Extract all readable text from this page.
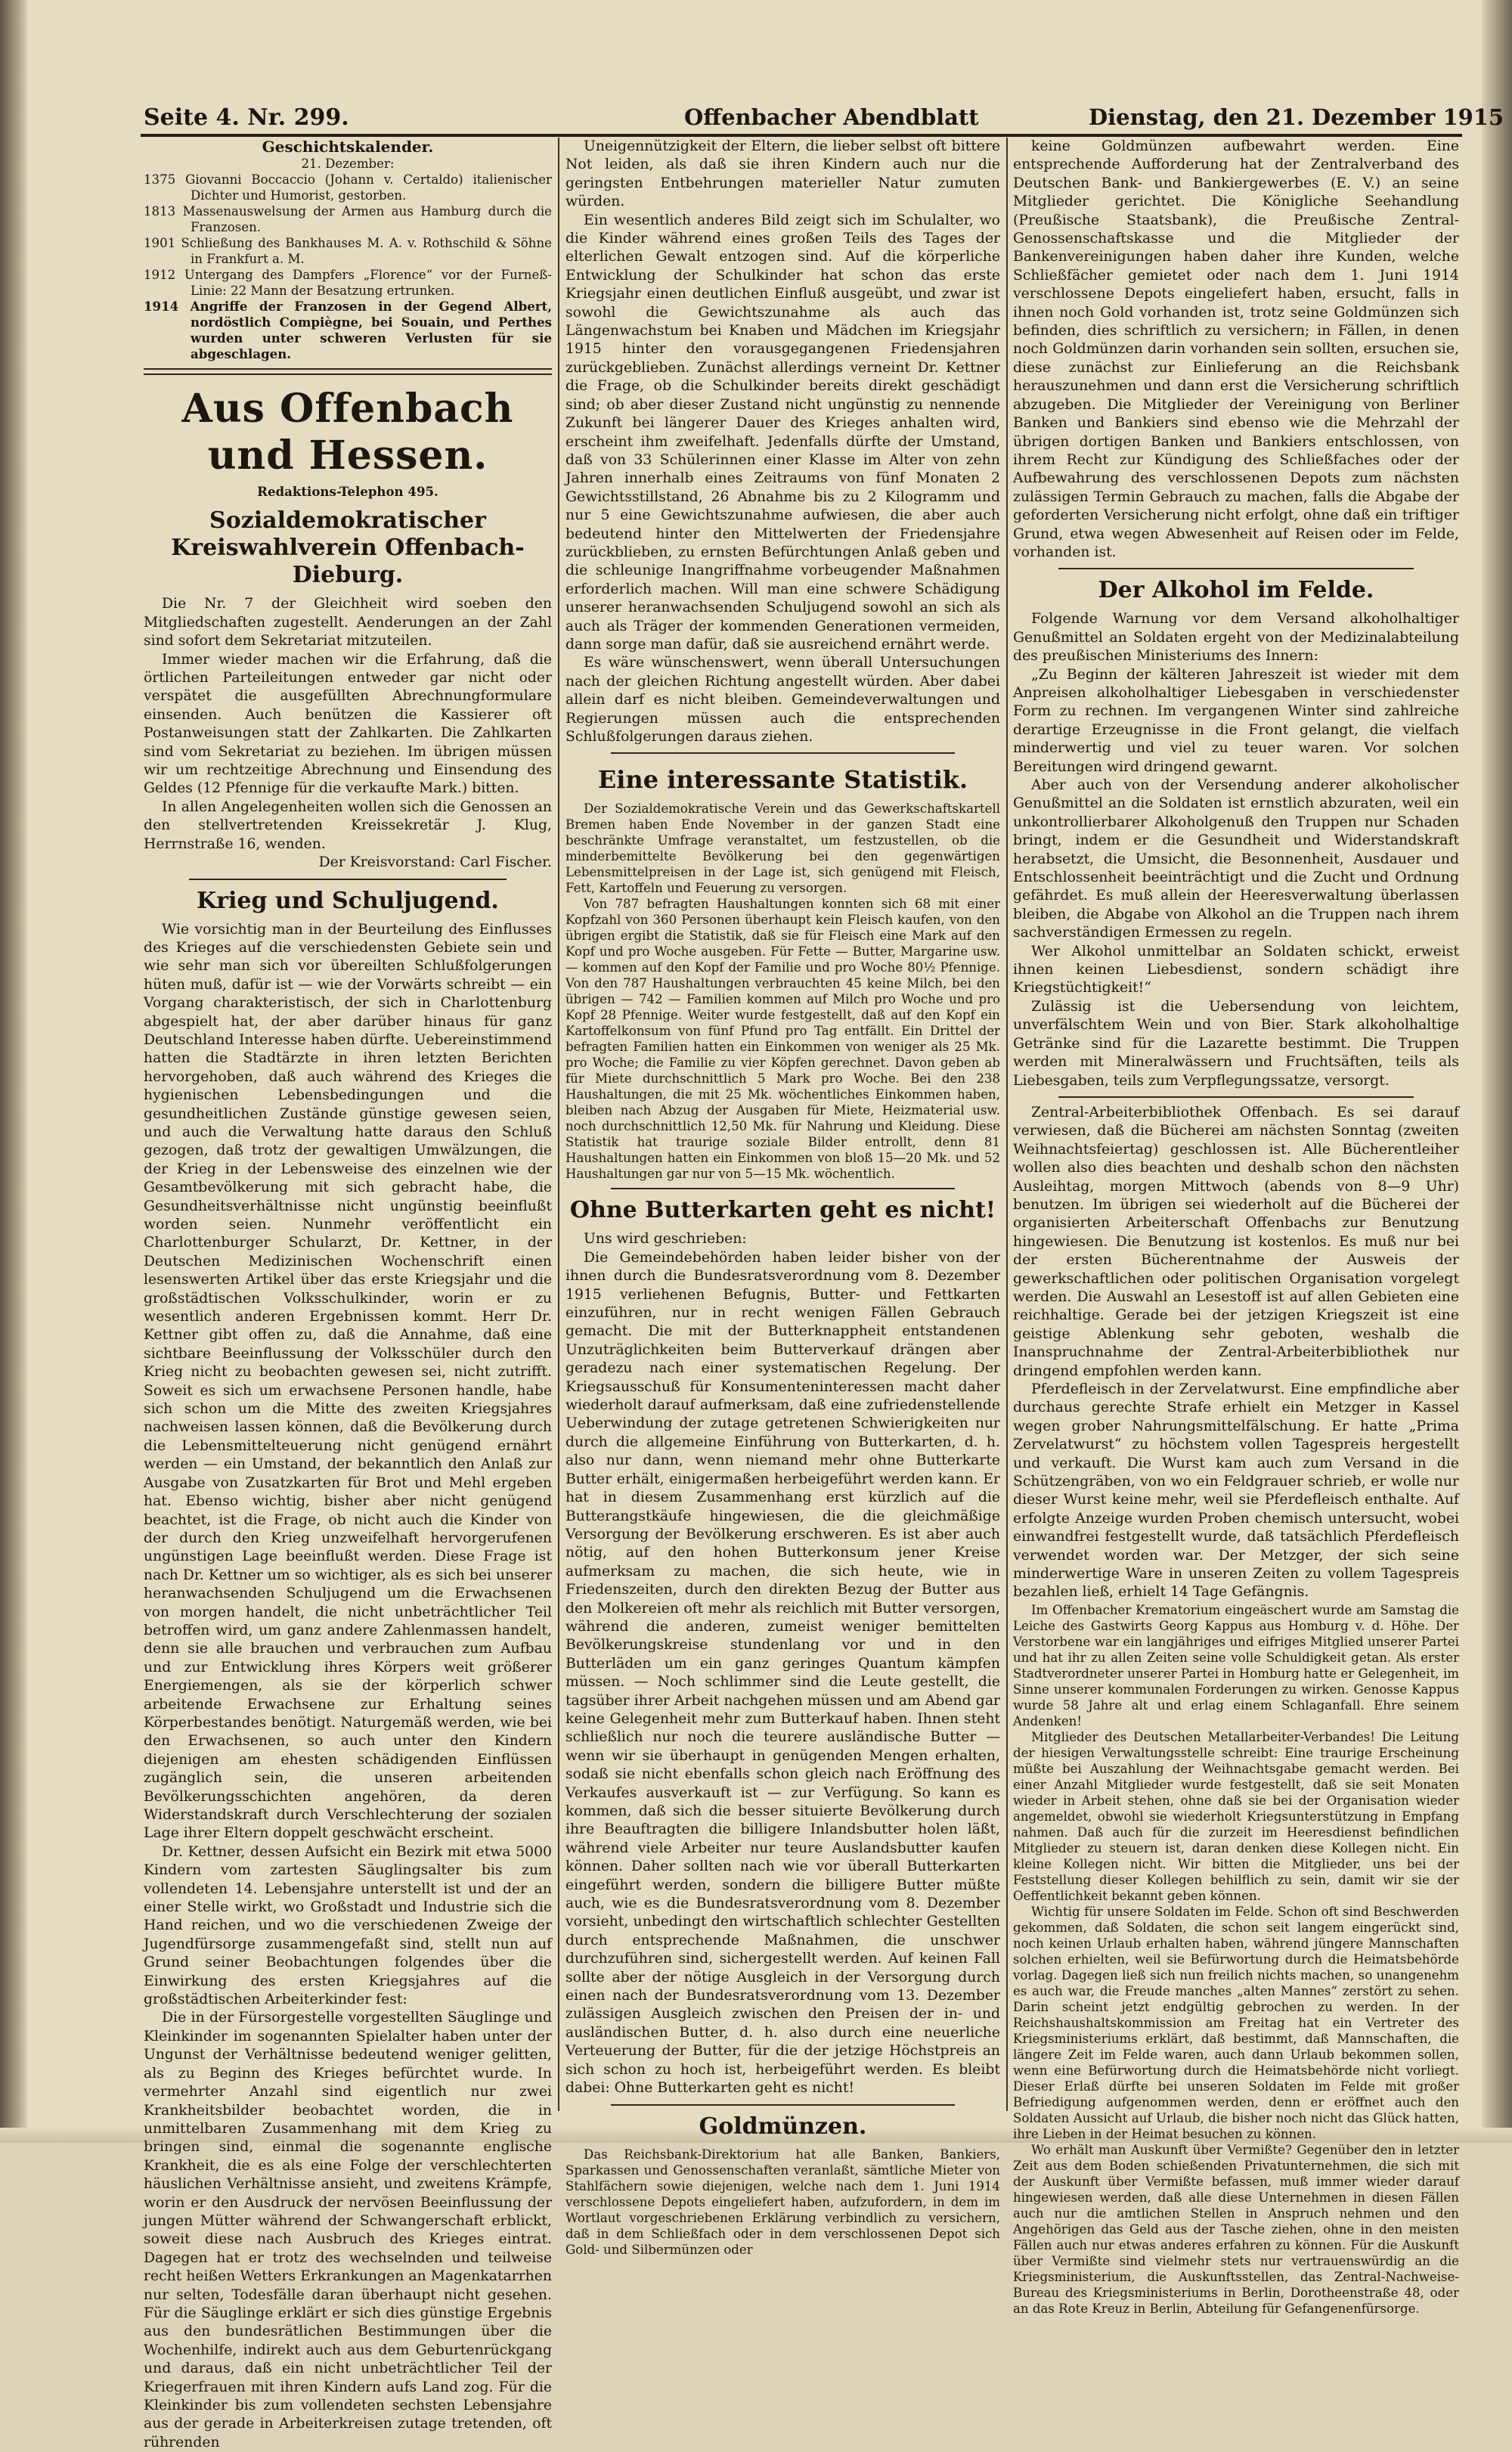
Seite 4. Nr. 299.	Offenbacher Abendblatt	Dienstag, den 21. Dezember 1915

Geschichtskalender.

21. Dezember:

1375 Giovanni Boccaccio (Johann v. Certaldo) italienischer Dichter und Humorist, gestorben.

1813 Massenauswelsung der Armen aus Hamburg durch die Franzosen.

1901 Schließung des Bankhauses M. A. v. Rothschild & Söhne in Frankfurt a. M.

1912 Untergang des Dampfers „Florence“ vor der Furneß-Linie: 22 Mann der Besatzung ertrunken.

1914 Angriffe der Franzosen in der Gegend Albert, nordöstlich Compiègne, bei Souain, und Perthes wurden unter schweren Verlusten für sie abgeschlagen.

Aus Offenbach und Hessen.

Redaktions-Telephon 495.

Sozialdemokratischer Kreiswahlverein Offenbach-Dieburg.

Die Nr. 7 der Gleichheit wird soeben den Mitgliedschaften zugestellt. Aenderungen an der Zahl sind sofort dem Sekretariat mitzuteilen.

Immer wieder machen wir die Erfahrung, daß die örtlichen Parteileitungen entweder gar nicht oder verspätet die ausgefüllten Abrechnungformulare einsenden. Auch benützen die Kassierer oft Postanweisungen statt der Zahlkarten. Die Zahlkarten sind vom Sekretariat zu beziehen. Im übrigen müssen wir um rechtzeitige Abrechnung und Einsendung des Geldes (12 Pfennige für die verkaufte Mark.) bitten.

In allen Angelegenheiten wollen sich die Genossen an den stellvertretenden Kreissekretär J. Klug, Herrnstraße 16, wenden.

Der Kreisvorstand: Carl Fischer.

Krieg und Schuljugend.

Wie vorsichtig man in der Beurteilung des Einflusses des Krieges auf die verschiedensten Gebiete sein und wie sehr man sich vor übereilten Schlußfolgerungen hüten muß, dafür ist — wie der Vorwärts schreibt — ein Vorgang charakteristisch, der sich in Charlottenburg abgespielt hat, der aber darüber hinaus für ganz Deutschland Interesse haben dürfte. Uebereinstimmend hatten die Stadtärzte in ihren letzten Berichten hervorgehoben, daß auch während des Krieges die hygienischen Lebensbedingungen und die gesundheitlichen Zustände günstige gewesen seien, und auch die Verwaltung hatte daraus den Schluß gezogen, daß trotz der gewaltigen Umwälzungen, die der Krieg in der Lebensweise des einzelnen wie der Gesamtbevölkerung mit sich gebracht habe, die Gesundheitsverhältnisse nicht ungünstig beeinflußt worden seien. Nunmehr veröffentlicht ein Charlottenburger Schularzt, Dr. Kettner, in der Deutschen Medizinischen Wochenschrift einen lesenswerten Artikel über das erste Kriegsjahr und die großstädtischen Volksschulkinder, worin er zu wesentlich anderen Ergebnissen kommt. Herr Dr. Kettner gibt offen zu, daß die Annahme, daß eine sichtbare Beeinflussung der Volksschüler durch den Krieg nicht zu beobachten gewesen sei, nicht zutrifft. Soweit es sich um erwachsene Personen handle, habe sich schon um die Mitte des zweiten Kriegsjahres nachweisen lassen können, daß die Bevölkerung durch die Lebensmittelteuerung nicht genügend ernährt werden — ein Umstand, der bekanntlich den Anlaß zur Ausgabe von Zusatzkarten für Brot und Mehl ergeben hat. Ebenso wichtig, bisher aber nicht genügend beachtet, ist die Frage, ob nicht auch die Kinder von der durch den Krieg unzweifelhaft hervorgerufenen ungünstigen Lage beeinflußt werden. Diese Frage ist nach Dr. Kettner um so wichtiger, als es sich bei unserer heranwachsenden Schuljugend um die Erwachsenen von morgen handelt, die nicht unbeträchtlicher Teil betroffen wird, um ganz andere Zahlenmassen handelt, denn sie alle brauchen und verbrauchen zum Aufbau und zur Entwicklung ihres Körpers weit größerer Energiemengen, als sie der körperlich schwer arbeitende Erwachsene zur Erhaltung seines Körperbestandes benötigt. Naturgemäß werden, wie bei den Erwachsenen, so auch unter den Kindern diejenigen am ehesten schädigenden Einflüssen zugänglich sein, die unseren arbeitenden Bevölkerungsschichten angehören, da deren Widerstandskraft durch Verschlechterung der sozialen Lage ihrer Eltern doppelt geschwächt erscheint.

Dr. Kettner, dessen Aufsicht ein Bezirk mit etwa 5000 Kindern vom zartesten Säuglingsalter bis zum vollendeten 14. Lebensjahre unterstellt ist und der an einer Stelle wirkt, wo Großstadt und Industrie sich die Hand reichen, und wo die verschiedenen Zweige der Jugendfürsorge zusammengefaßt sind, stellt nun auf Grund seiner Beobachtungen folgendes über die Einwirkung des ersten Kriegsjahres auf die großstädtischen Arbeiterkinder fest:

Die in der Fürsorgestelle vorgestellten Säuglinge und Kleinkinder im sogenannten Spielalter haben unter der Ungunst der Verhältnisse bedeutend weniger gelitten, als zu Beginn des Krieges befürchtet wurde. In vermehrter Anzahl sind eigentlich nur zwei Krankheitsbilder beobachtet worden, die in unmittelbaren Zusammenhang mit dem Krieg zu bringen sind, einmal die sogenannte englische Krankheit, die es als eine Folge der verschlechterten häuslichen Verhältnisse ansieht, und zweitens Krämpfe, worin er den Ausdruck der nervösen Beeinflussung der jungen Mütter während der Schwangerschaft erblickt, soweit diese nach Ausbruch des Krieges eintrat. Dagegen hat er trotz des wechselnden und teilweise recht heißen Wetters Erkrankungen an Magenkatarrhen nur selten, Todesfälle daran überhaupt nicht gesehen. Für die Säuglinge erklärt er sich dies günstige Ergebnis aus den bundesrätlichen Bestimmungen über die Wochenhilfe, indirekt auch aus dem Geburtenrückgang und daraus, daß ein nicht unbeträchtlicher Teil der Kriegerfrauen mit ihren Kindern aufs Land zog. Für die Kleinkinder bis zum vollendeten sechsten Lebensjahre aus der gerade in Arbeiterkreisen zutage tretenden, oft rührenden

Uneigennützigkeit der Eltern, die lieber selbst oft bittere Not leiden, als daß sie ihren Kindern auch nur die geringsten Entbehrungen materieller Natur zumuten würden.

Ein wesentlich anderes Bild zeigt sich im Schulalter, wo die Kinder während eines großen Teils des Tages der elterlichen Gewalt entzogen sind. Auf die körperliche Entwicklung der Schulkinder hat schon das erste Kriegsjahr einen deutlichen Einfluß ausgeübt, und zwar ist sowohl die Gewichtszunahme als auch das Längenwachstum bei Knaben und Mädchen im Kriegsjahr 1915 hinter den vorausgegangenen Friedensjahren zurückgeblieben. Zunächst allerdings verneint Dr. Kettner die Frage, ob die Schulkinder bereits direkt geschädigt sind; ob aber dieser Zustand nicht ungünstig zu nennende Zukunft bei längerer Dauer des Krieges anhalten wird, erscheint ihm zweifelhaft. Jedenfalls dürfte der Umstand, daß von 33 Schülerinnen einer Klasse im Alter von zehn Jahren innerhalb eines Zeitraums von fünf Monaten 2 Gewichtsstillstand, 26 Abnahme bis zu 2 Kilogramm und nur 5 eine Gewichtszunahme aufwiesen, die aber auch bedeutend hinter den Mittelwerten der Friedensjahre zurückblieben, zu ernsten Befürchtungen Anlaß geben und die schleunige Inangriffnahme vorbeugender Maßnahmen erforderlich machen. Will man eine schwere Schädigung unserer heranwachsenden Schuljugend sowohl an sich als auch als Träger der kommenden Generationen vermeiden, dann sorge man dafür, daß sie ausreichend ernährt werde.

Es wäre wünschenswert, wenn überall Untersuchungen nach der gleichen Richtung angestellt würden. Aber dabei allein darf es nicht bleiben. Gemeindeverwaltungen und Regierungen müssen auch die entsprechenden Schlußfolgerungen daraus ziehen.

Eine interessante Statistik.

Der Sozialdemokratische Verein und das Gewerkschaftskartell Bremen haben Ende November in der ganzen Stadt eine beschränkte Umfrage veranstaltet, um festzustellen, ob die minderbemittelte Bevölkerung bei den gegenwärtigen Lebensmittelpreisen in der Lage ist, sich genügend mit Fleisch, Fett, Kartoffeln und Feuerung zu versorgen.

Von 787 befragten Haushaltungen konnten sich 68 mit einer Kopfzahl von 360 Personen überhaupt kein Fleisch kaufen, von den übrigen ergibt die Statistik, daß sie für Fleisch eine Mark auf den Kopf und pro Woche ausgeben. Für Fette — Butter, Margarine usw. — kommen auf den Kopf der Familie und pro Woche 80½ Pfennige. Von den 787 Haushaltungen verbrauchten 45 keine Milch, bei den übrigen — 742 — Familien kommen auf Milch pro Woche und pro Kopf 28 Pfennige. Weiter wurde festgestellt, daß auf den Kopf ein Kartoffelkonsum von fünf Pfund pro Tag entfällt. Ein Drittel der befragten Familien hatten ein Einkommen von weniger als 25 Mk. pro Woche; die Familie zu vier Köpfen gerechnet. Davon geben ab für Miete durchschnittlich 5 Mark pro Woche. Bei den 238 Haushaltungen, die mit 25 Mk. wöchentliches Einkommen haben, bleiben nach Abzug der Ausgaben für Miete, Heizmaterial usw. noch durchschnittlich 12,50 Mk. für Nahrung und Kleidung. Diese Statistik hat traurige soziale Bilder entrollt, denn 81 Haushaltungen hatten ein Einkommen von bloß 15—20 Mk. und 52 Haushaltungen gar nur von 5—15 Mk. wöchentlich.

Ohne Butterkarten geht es nicht!

Uns wird geschrieben:

Die Gemeindebehörden haben leider bisher von der ihnen durch die Bundesratsverordnung vom 8. Dezember 1915 verliehenen Befugnis, Butter- und Fettkarten einzuführen, nur in recht wenigen Fällen Gebrauch gemacht. Die mit der Butterknappheit entstandenen Unzuträglichkeiten beim Butterverkauf drängen aber geradezu nach einer systematischen Regelung. Der Kriegsausschuß für Konsumenteninteressen macht daher wiederholt darauf aufmerksam, daß eine zufriedenstellende Ueberwindung der zutage getretenen Schwierigkeiten nur durch die allgemeine Einführung von Butterkarten, d. h. also nur dann, wenn niemand mehr ohne Butterkarte Butter erhält, einigermaßen herbeigeführt werden kann. Er hat in diesem Zusammenhang erst kürzlich auf die Butterangstkäufe hingewiesen, die die gleichmäßige Versorgung der Bevölkerung erschweren. Es ist aber auch nötig, auf den hohen Butterkonsum jener Kreise aufmerksam zu machen, die sich heute, wie in Friedenszeiten, durch den direkten Bezug der Butter aus den Molkereien oft mehr als reichlich mit Butter versorgen, während die anderen, zumeist weniger bemittelten Bevölkerungskreise stundenlang vor und in den Butterläden um ein ganz geringes Quantum kämpfen müssen. — Noch schlimmer sind die Leute gestellt, die tagsüber ihrer Arbeit nachgehen müssen und am Abend gar keine Gelegenheit mehr zum Butterkauf haben. Ihnen steht schließlich nur noch die teurere ausländische Butter — wenn wir sie überhaupt in genügenden Mengen erhalten, sodaß sie nicht ebenfalls schon gleich nach Eröffnung des Verkaufes ausverkauft ist — zur Verfügung. So kann es kommen, daß sich die besser situierte Bevölkerung durch ihre Beauftragten die billigere Inlandsbutter holen läßt, während viele Arbeiter nur teure Auslandsbutter kaufen können. Daher sollten nach wie vor überall Butterkarten eingeführt werden, sondern die billigere Butter müßte auch, wie es die Bundesratsverordnung vom 8. Dezember vorsieht, unbedingt den wirtschaftlich schlechter Gestellten durch entsprechende Maßnahmen, die unschwer durchzuführen sind, sichergestellt werden. Auf keinen Fall sollte aber der nötige Ausgleich in der Versorgung durch einen nach der Bundesratsverordnung vom 13. Dezember zulässigen Ausgleich zwischen den Preisen der in- und ausländischen Butter, d. h. also durch eine neuerliche Verteuerung der Butter, für die der jetzige Höchstpreis an sich schon zu hoch ist, herbeigeführt werden. Es bleibt dabei: Ohne Butterkarten geht es nicht!

Goldmünzen.

Das Reichsbank-Direktorium hat alle Banken, Bankiers, Sparkassen und Genossenschaften veranlaßt, sämtliche Mieter von Stahlfächern sowie diejenigen, welche nach dem 1. Juni 1914 verschlossene Depots eingeliefert haben, aufzufordern, in dem im Wortlaut vorgeschriebenen Erklärung verbindlich zu versichern, daß in dem Schließfach oder in dem verschlossenen Depot sich Gold- und Silbermünzen oder

keine Goldmünzen aufbewahrt werden. Eine entsprechende Aufforderung hat der Zentralverband des Deutschen Bank- und Bankiergewerbes (E. V.) an seine Mitglieder gerichtet. Die Königliche Seehandlung (Preußische Staatsbank), die Preußische Zentral-Genossenschaftskasse und die Mitglieder der Bankenvereinigungen haben daher ihre Kunden, welche Schließfächer gemietet oder nach dem 1. Juni 1914 verschlossene Depots eingeliefert haben, ersucht, falls in ihnen noch Gold vorhanden ist, trotz seine Goldmünzen sich befinden, dies schriftlich zu versichern; in Fällen, in denen noch Goldmünzen darin vorhanden sein sollten, ersuchen sie, diese zunächst zur Einlieferung an die Reichsbank herauszunehmen und dann erst die Versicherung schriftlich abzugeben. Die Mitglieder der Vereinigung von Berliner Banken und Bankiers sind ebenso wie die Mehrzahl der übrigen dortigen Banken und Bankiers entschlossen, von ihrem Recht zur Kündigung des Schließfaches oder der Aufbewahrung des verschlossenen Depots zum nächsten zulässigen Termin Gebrauch zu machen, falls die Abgabe der geforderten Versicherung nicht erfolgt, ohne daß ein triftiger Grund, etwa wegen Abwesenheit auf Reisen oder im Felde, vorhanden ist.

Der Alkohol im Felde.

Folgende Warnung vor dem Versand alkoholhaltiger Genußmittel an Soldaten ergeht von der Medizinalabteilung des preußischen Ministeriums des Innern:

„Zu Beginn der kälteren Jahreszeit ist wieder mit dem Anpreisen alkoholhaltiger Liebesgaben in verschiedenster Form zu rechnen. Im vergangenen Winter sind zahlreiche derartige Erzeugnisse in die Front gelangt, die vielfach minderwertig und viel zu teuer waren. Vor solchen Bereitungen wird dringend gewarnt.

Aber auch von der Versendung anderer alkoholischer Genußmittel an die Soldaten ist ernstlich abzuraten, weil ein unkontrollierbarer Alkoholgenuß den Truppen nur Schaden bringt, indem er die Gesundheit und Widerstandskraft herabsetzt, die Umsicht, die Besonnenheit, Ausdauer und Entschlossenheit beeinträchtigt und die Zucht und Ordnung gefährdet. Es muß allein der Heeresverwaltung überlassen bleiben, die Abgabe von Alkohol an die Truppen nach ihrem sachverständigen Ermessen zu regeln.

Wer Alkohol unmittelbar an Soldaten schickt, erweist ihnen keinen Liebesdienst, sondern schädigt ihre Kriegstüchtigkeit!“

Zulässig ist die Uebersendung von leichtem, unverfälschtem Wein und von Bier. Stark alkoholhaltige Getränke sind für die Lazarette bestimmt. Die Truppen werden mit Mineralwässern und Fruchtsäften, teils als Liebesgaben, teils zum Verpflegungssatze, versorgt.

Zentral-Arbeiterbibliothek Offenbach. Es sei darauf verwiesen, daß die Bücherei am nächsten Sonntag (zweiten Weihnachtsfeiertag) geschlossen ist. Alle Bücherentleiher wollen also dies beachten und deshalb schon den nächsten Ausleihtag, morgen Mittwoch (abends von 8—9 Uhr) benutzen. Im übrigen sei wiederholt auf die Bücherei der organisierten Arbeiterschaft Offenbachs zur Benutzung hingewiesen. Die Benutzung ist kostenlos. Es muß nur bei der ersten Bücherentnahme der Ausweis der gewerkschaftlichen oder politischen Organisation vorgelegt werden. Die Auswahl an Lesestoff ist auf allen Gebieten eine reichhaltige. Gerade bei der jetzigen Kriegszeit ist eine geistige Ablenkung sehr geboten, weshalb die Inanspruchnahme der Zentral-Arbeiterbibliothek nur dringend empfohlen werden kann.

Pferdefleisch in der Zervelatwurst. Eine empfindliche aber durchaus gerechte Strafe erhielt ein Metzger in Kassel wegen grober Nahrungsmittelfälschung. Er hatte „Prima Zervelatwurst“ zu höchstem vollen Tagespreis hergestellt und verkauft. Die Wurst kam auch zum Versand in die Schützengräben, von wo ein Feldgrauer schrieb, er wolle nur dieser Wurst keine mehr, weil sie Pferdefleisch enthalte. Auf erfolgte Anzeige wurden Proben chemisch untersucht, wobei einwandfrei festgestellt wurde, daß tatsächlich Pferdefleisch verwendet worden war. Der Metzger, der sich seine minderwertige Ware in unseren Zeiten zu vollem Tagespreis bezahlen ließ, erhielt 14 Tage Gefängnis.

Im Offenbacher Krematorium eingeäschert wurde am Samstag die Leiche des Gastwirts Georg Kappus aus Homburg v. d. Höhe. Der Verstorbene war ein langjähriges und eifriges Mitglied unserer Partei und hat ihr zu allen Zeiten seine volle Schuldigkeit getan. Als erster Stadtverordneter unserer Partei in Homburg hatte er Gelegenheit, im Sinne unserer kommunalen Forderungen zu wirken. Genosse Kappus wurde 58 Jahre alt und erlag einem Schlaganfall. Ehre seinem Andenken!

Mitglieder des Deutschen Metallarbeiter-Verbandes! Die Leitung der hiesigen Verwaltungsstelle schreibt: Eine traurige Erscheinung müßte bei Auszahlung der Weihnachtsgabe gemacht werden. Bei einer Anzahl Mitglieder wurde festgestellt, daß sie seit Monaten wieder in Arbeit stehen, ohne daß sie bei der Organisation wieder angemeldet, obwohl sie wiederholt Kriegsunterstützung in Empfang nahmen. Daß auch für die zurzeit im Heeresdienst befindlichen Mitglieder zu steuern ist, daran denken diese Kollegen nicht. Ein kleine Kollegen nicht. Wir bitten die Mitglieder, uns bei der Feststellung dieser Kollegen behilflich zu sein, damit wir sie der Oeffentlichkeit bekannt geben können.

Wichtig für unsere Soldaten im Felde. Schon oft sind Beschwerden gekommen, daß Soldaten, die schon seit langem eingerückt sind, noch keinen Urlaub erhalten haben, während jüngere Mannschaften solchen erhielten, weil sie Befürwortung durch die Heimatsbehörde vorlag. Dagegen ließ sich nun freilich nichts machen, so unangenehm es auch war, die Freude manches „alten Mannes“ zerstört zu sehen. Darin scheint jetzt endgültig gebrochen zu werden. In der Reichshaushaltskommission am Freitag hat ein Vertreter des Kriegsministeriums erklärt, daß bestimmt, daß Mannschaften, die längere Zeit im Felde waren, auch dann Urlaub bekommen sollen, wenn eine Befürwortung durch die Heimatsbehörde nicht vorliegt. Dieser Erlaß dürfte bei unseren Soldaten im Felde mit großer Befriedigung aufgenommen werden, denn er eröffnet auch den Soldaten Aussicht auf Urlaub, die bisher noch nicht das Glück hatten, ihre Lieben in der Heimat besuchen zu können.

Wo erhält man Auskunft über Vermißte? Gegenüber den in letzter Zeit aus dem Boden schießenden Privatunternehmen, die sich mit der Auskunft über Vermißte befassen, muß immer wieder darauf hingewiesen werden, daß alle diese Unternehmen in diesen Fällen auch nur die amtlichen Stellen in Anspruch nehmen und den Angehörigen das Geld aus der Tasche ziehen, ohne in den meisten Fällen auch nur etwas anderes erfahren zu können. Für die Auskunft über Vermißte sind vielmehr stets nur vertrauenswürdig an die Kriegsministerium, die Auskunftsstellen, das Zentral-Nachweise-Bureau des Kriegsministeriums in Berlin, Dorotheenstraße 48, oder an das Rote Kreuz in Berlin, Abteilung für Gefangenenfürsorge.
